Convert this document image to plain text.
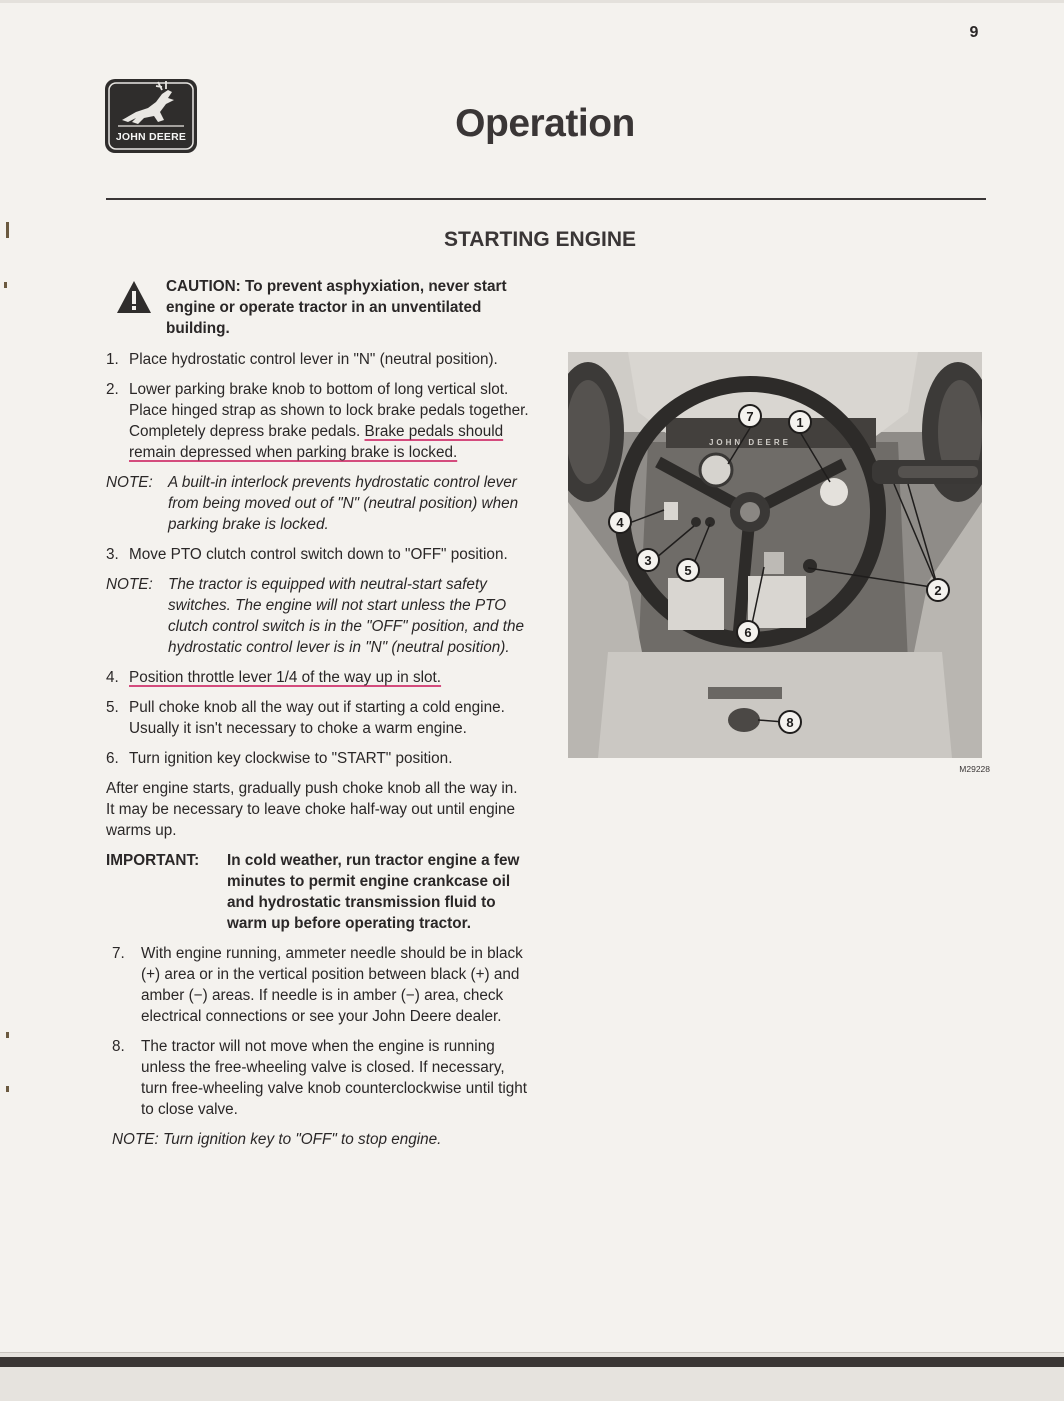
9
JOHN DEERE	Operation
STARTING ENGINE
CAUTION: To prevent asphyxiation, never start engine or operate tractor in an unventilated building.
1. Place hydrostatic control lever in "N" (neutral position).
2. Lower parking brake knob to bottom of long vertical slot. Place hinged strap as shown to lock brake pedals together. Completely depress brake pedals. Brake pedals should remain depressed when parking brake is locked.
NOTE: A built-in interlock prevents hydrostatic control lever from being moved out of "N" (neutral position) when parking brake is locked.
3. Move PTO clutch control switch down to "OFF" position.
NOTE: The tractor is equipped with neutral-start safety switches. The engine will not start unless the PTO clutch control switch is in the "OFF" position, and the hydrostatic control lever is in "N" (neutral position).
4. Position throttle lever 1/4 of the way up in slot.
5. Pull choke knob all the way out if starting a cold engine. Usually it isn't necessary to choke a warm engine.
6. Turn ignition key clockwise to "START" position.
After engine starts, gradually push choke knob all the way in. It may be necessary to leave choke half-way out until engine warms up.
IMPORTANT:	In cold weather, run tractor engine a few minutes to permit engine crankcase oil and hydrostatic transmission fluid to warm up before operating tractor.
7.	With engine running, ammeter needle should be in black (+) area or in the vertical position between black (+) and amber (−) areas. If needle is in amber (−) area, check electrical connections or see your John Deere dealer.
8.	The tractor will not move when the engine is running unless the free-wheeling valve is closed. If necessary, turn free-wheeling valve knob counterclockwise until tight to close valve.
NOTE: Turn ignition key to "OFF" to stop engine.
JOHN DEERE
7	1
4
3
5
6
2
8
M29228
